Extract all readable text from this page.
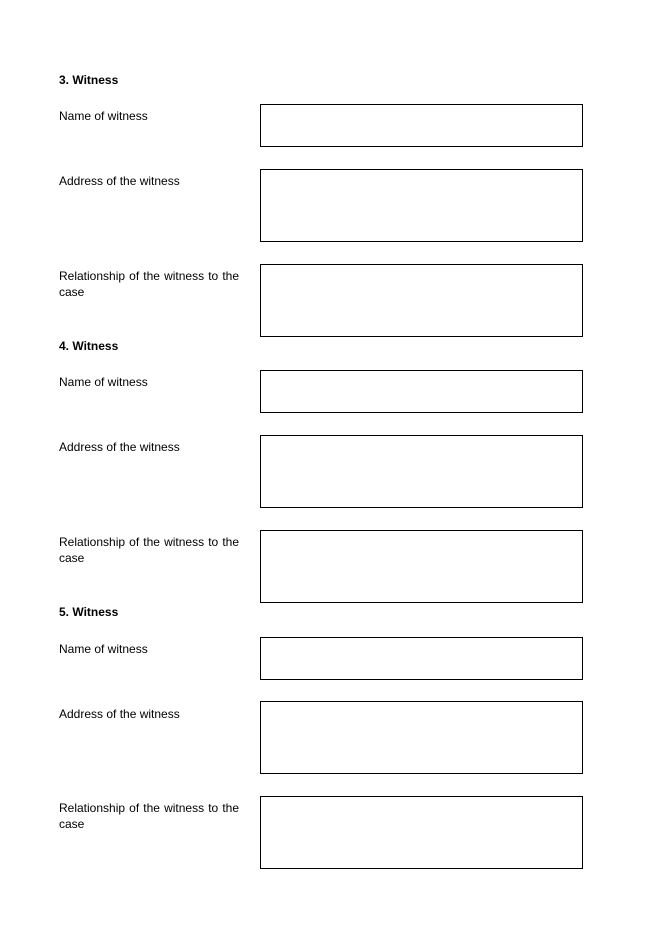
3. Witness
Name of witness
Address of the witness
Relationship of the witness to the case
4. Witness
Name of witness
Address of the witness
Relationship of the witness to the case
5. Witness
Name of witness
Address of the witness
Relationship of the witness to the case
